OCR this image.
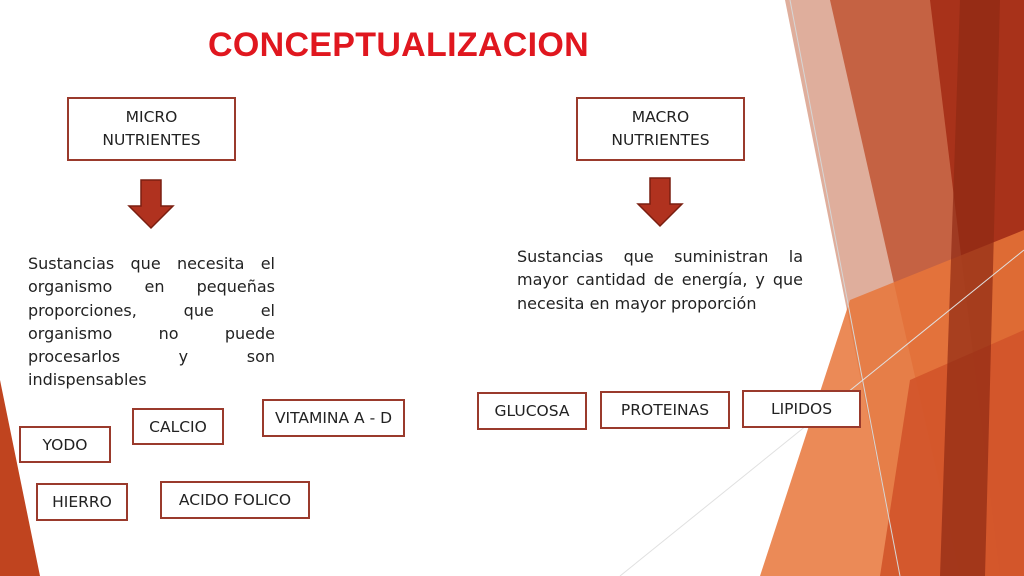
CONCEPTUALIZACION
MICRO
NUTRIENTES
Sustancias que necesita el organismo en pequeñas proporciones, que el organismo no puede procesarlos y son indispensables
YODO
CALCIO	VITAMINA A - D
HIERRO	ACIDO FOLICO
MACRO
NUTRIENTES
Sustancias que suministran la mayor cantidad de energía, y que necesita en mayor proporción
GLUCOSA	PROTEINAS	LIPIDOS
